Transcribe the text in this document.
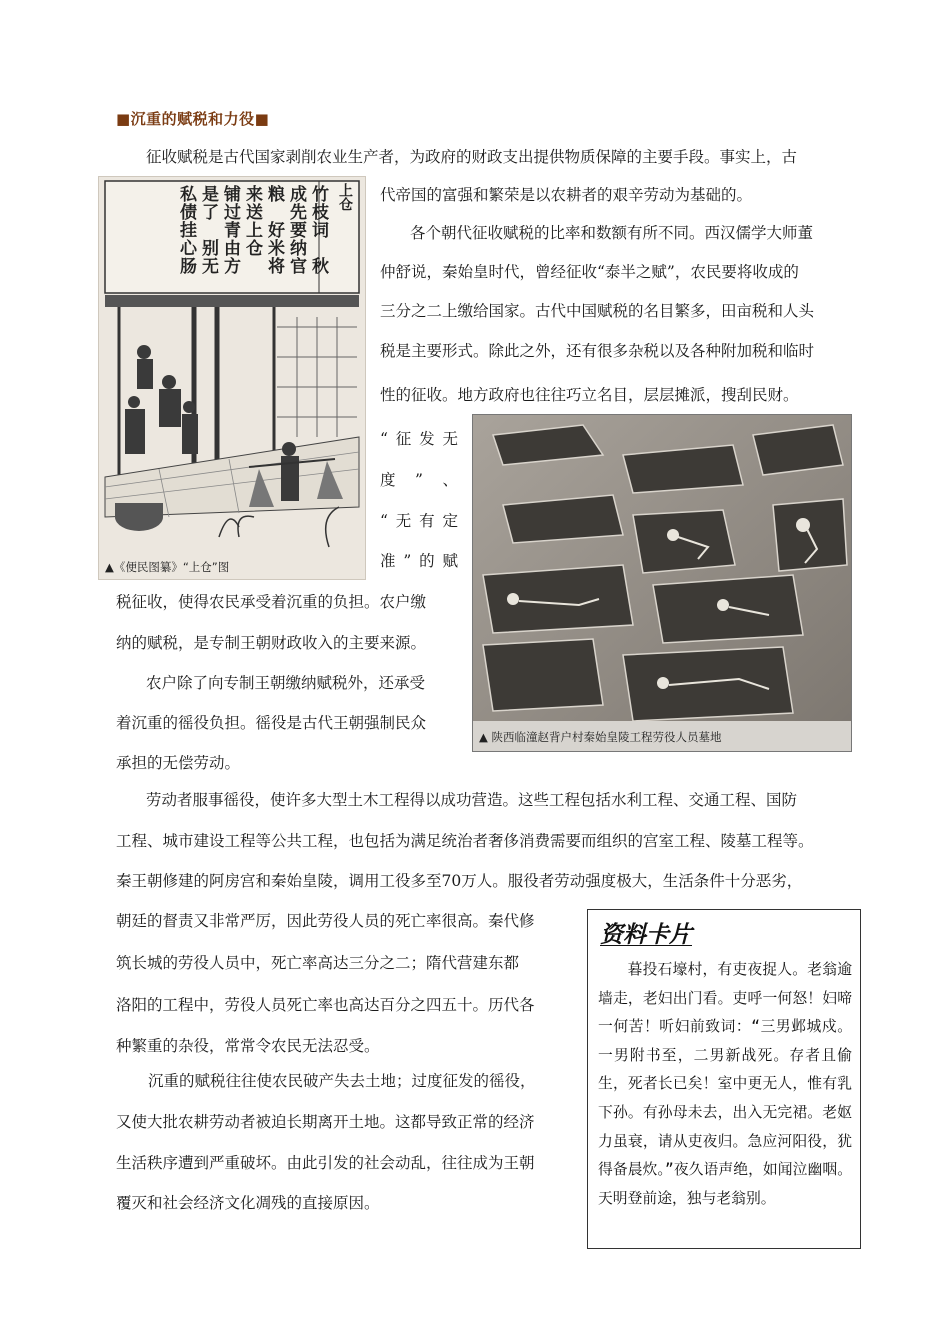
■沉重的赋税和力役■
征收赋税是古代国家剥削农业生产者，为政府的财政支出提供物质保障的主要手段。事实上，古
代帝国的富强和繁荣是以农耕者的艰辛劳动为基础的。
各个朝代征收赋税的比率和数额有所不同。西汉儒学大师董
仲舒说，秦始皇时代，曾经征收“泰半之赋”，农民要将收成的
三分之二上缴给国家。古代中国赋税的名目繁多，田亩税和人头
税是主要形式。除此之外，还有很多杂税以及各种附加税和临时
性的征收。地方政府也往往巧立名目，层层摊派，搜刮民财。
“征发无
度”、
“无有定
准”的赋
税征收，使得农民承受着沉重的负担。农户缴
纳的赋税，是专制王朝财政收入的主要来源。
农户除了向专制王朝缴纳赋税外，还承受
着沉重的徭役负担。徭役是古代王朝强制民众
承担的无偿劳动。
劳动者服事徭役，使许多大型土木工程得以成功营造。这些工程包括水利工程、交通工程、国防
工程、城市建设工程等公共工程，也包括为满足统治者奢侈消费需要而组织的宫室工程、陵墓工程等。
秦王朝修建的阿房宫和秦始皇陵，调用工役多至70万人。服役者劳动强度极大，生活条件十分恶劣，
朝廷的督责又非常严厉，因此劳役人员的死亡率很高。秦代修
筑长城的劳役人员中，死亡率高达三分之二；隋代营建东都
洛阳的工程中，劳役人员死亡率也高达百分之四五十。历代各
种繁重的杂役，常常令农民无法忍受。
沉重的赋税往往使农民破产失去土地；过度征发的徭役，
又使大批农耕劳动者被迫长期离开土地。这都导致正常的经济
生活秩序遭到严重破坏。由此引发的社会动乱，往往成为王朝
覆灭和社会经济文化凋残的直接原因。
上仓
竹枝词　秋成先要纳官粮　好米将来送上仓　铺过青由方是了　别无私债挂心肠
▲《便民图纂》“上仓”图
▲ 陕西临潼赵背户村秦始皇陵工程劳役人员墓地
资料卡片
暮投石壕村，有吏夜捉人。老翁逾墙走，老妇出门看。吏呼一何怒！妇啼一何苦！听妇前致词：“三男邺城戍。一男附书至，二男新战死。存者且偷生，死者长已矣！室中更无人，惟有乳下孙。有孙母未去，出入无完裙。老妪力虽衰，请从吏夜归。急应河阳役，犹得备晨炊。”夜久语声绝，如闻泣幽咽。天明登前途，独与老翁别。
